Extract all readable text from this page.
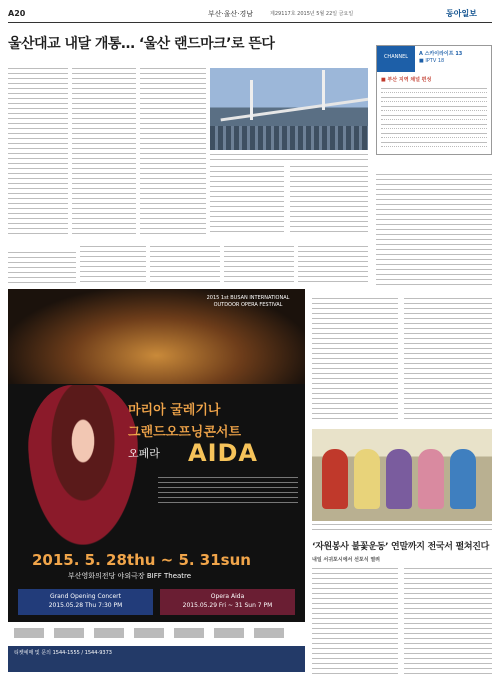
A20	부산·울산·경남	제29117호 2015년 5월 22일 금요일	동아일보
울산대교 내달 개통… ‘울산 랜드마크’로 뜬다
CHANNEL	A 스카이라이프 13
■ IPTV 18
■ 부산 지역 채널 편성
2015 1st BUSAN INTERNATIONAL OUTDOOR OPERA FESTIVAL
마리아 굴레기나
그랜드오프닝콘서트
오페라 AIDA
2015. 5. 28thu ~ 5. 31sun
부산영화의전당 야외극장 BIFF Theatre
Grand Opening Concert
2015.05.28 Thu 7:30 PM
Opera Aida
2015.05.29 Fri ~ 31 Sun 7 PM
티켓예매 및 문의 1544-1555 / 1544-9373
‘자원봉사 불꽃운동’ 연말까지 전국서 펼쳐진다
내일 서귀포시에서 선포식 열려
